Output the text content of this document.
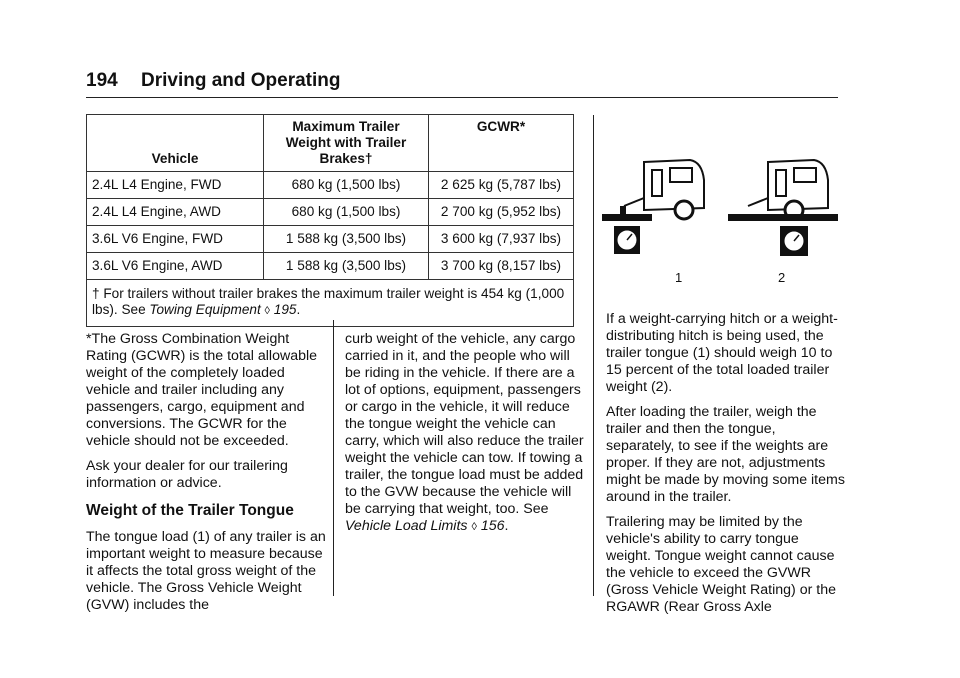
194 Driving and Operating
Vehicle	Maximum Trailer Weight with Trailer Brakes†	GCWR*
2.4L L4 Engine, FWD	680 kg (1,500 lbs)	2 625 kg (5,787 lbs)
2.4L L4 Engine, AWD	680 kg (1,500 lbs)	2 700 kg (5,952 lbs)
3.6L V6 Engine, FWD	1 588 kg (3,500 lbs)	3 600 kg (7,937 lbs)
3.6L V6 Engine, AWD	1 588 kg (3,500 lbs)	3 700 kg (8,157 lbs)
† For trailers without trailer brakes the maximum trailer weight is 454 kg (1,000 lbs). See Towing Equipment ◊ 195.		

*The Gross Combination Weight Rating (GCWR) is the total allowable weight of the completely loaded vehicle and trailer including any passengers, cargo, equipment and conversions. The GCWR for the vehicle should not be exceeded.

Ask your dealer for our trailering information or advice.

Weight of the Trailer Tongue

The tongue load (1) of any trailer is an important weight to measure because it affects the total gross weight of the vehicle. The Gross Vehicle Weight (GVW) includes the

curb weight of the vehicle, any cargo carried in it, and the people who will be riding in the vehicle. If there are a lot of options, equipment, passengers or cargo in the vehicle, it will reduce the tongue weight the vehicle can carry, which will also reduce the trailer weight the vehicle can tow. If towing a trailer, the tongue load must be added to the GVW because the vehicle will be carrying that weight, too. See Vehicle Load Limits ◊ 156.

1	2

If a weight-carrying hitch or a weight-distributing hitch is being used, the trailer tongue (1) should weigh 10 to 15 percent of the total loaded trailer weight (2).

After loading the trailer, weigh the trailer and then the tongue, separately, to see if the weights are proper. If they are not, adjustments might be made by moving some items around in the trailer.

Trailering may be limited by the vehicle's ability to carry tongue weight. Tongue weight cannot cause the vehicle to exceed the GVWR (Gross Vehicle Weight Rating) or the RGAWR (Rear Gross Axle
